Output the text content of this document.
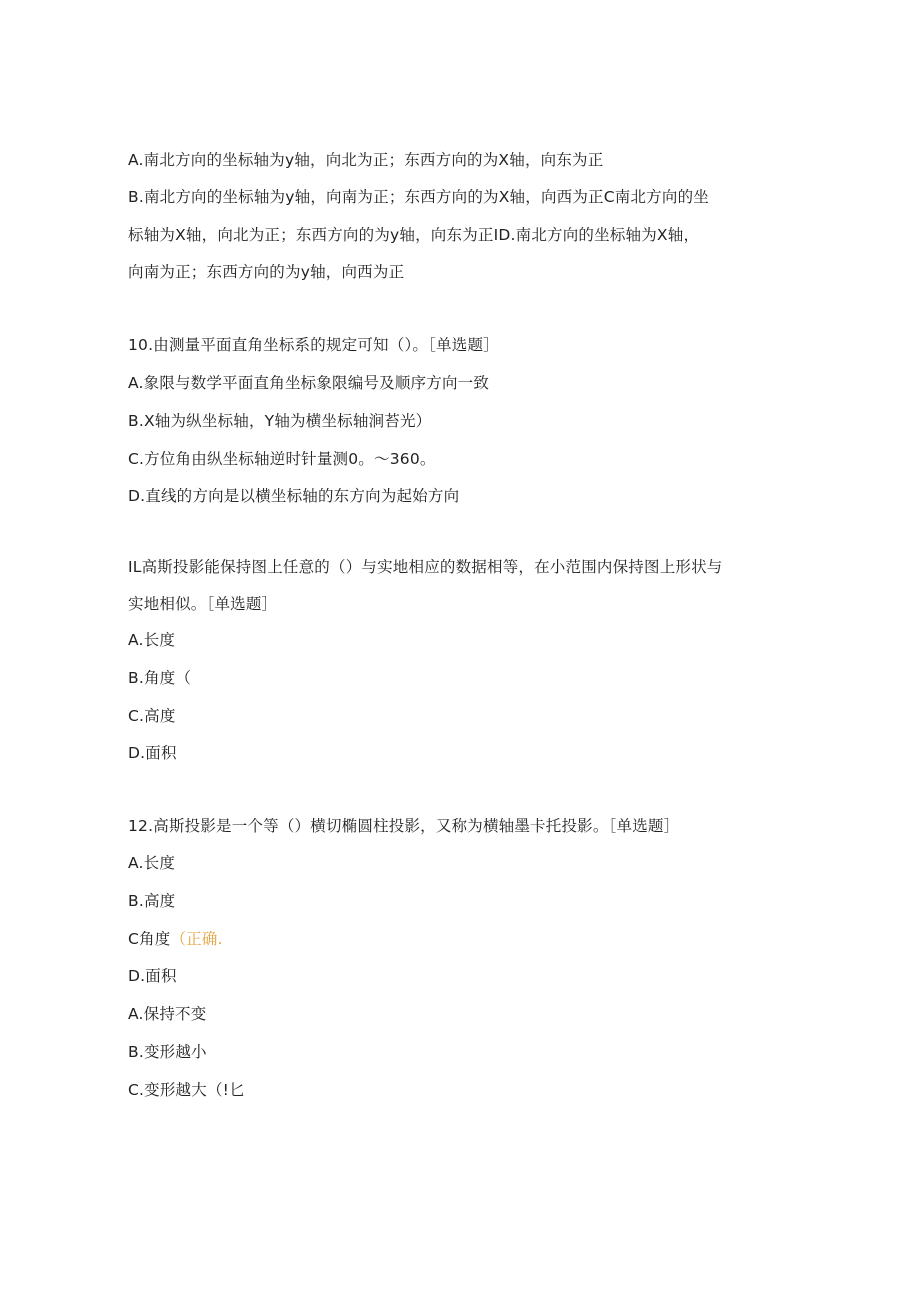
A.南北方向的坐标轴为y轴，向北为正；东西方向的为X轴，向东为正
B.南北方向的坐标轴为y轴，向南为正；东西方向的为X轴，向西为正C南北方向的坐
标轴为X轴，向北为正；东西方向的为y轴，向东为正ID.南北方向的坐标轴为X轴，
向南为正；东西方向的为y轴，向西为正
10.由测量平面直角坐标系的规定可知（）。［单选题］
A.象限与数学平面直角坐标象限编号及顺序方向一致
B.X轴为纵坐标轴，Y轴为横坐标轴涧苔光）
C.方位角由纵坐标轴逆时针量测0。～360。
D.直线的方向是以横坐标轴的东方向为起始方向
IL高斯投影能保持图上任意的（）与实地相应的数据相等，在小范围内保持图上形状与
实地相似。［单选题］
A.长度
B.角度（
C.高度
D.面积
12.高斯投影是一个等（）横切椭圆柱投影，又称为横轴墨卡托投影。［单选题］
A.长度
B.高度
C角度（正确.
D.面积
A.保持不变
B.变形越小
C.变形越大（!匕
